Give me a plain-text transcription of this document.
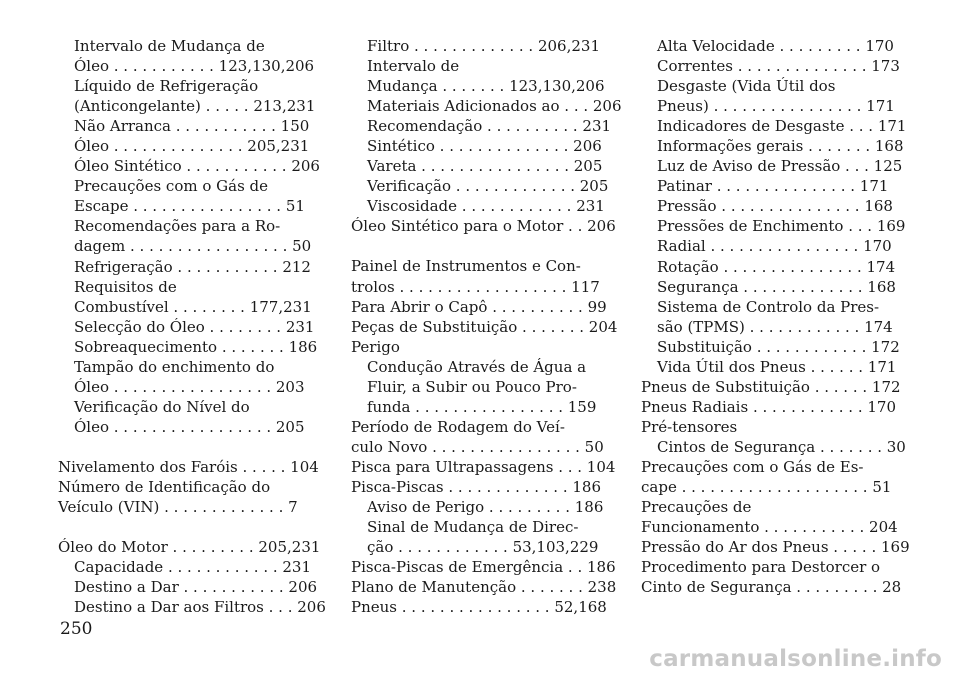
Intervalo de Mudança de
Óleo . . . . . . . . . . . 123,130,206
Líquido de Refrigeração
(Anticongelante) . . . . . 213,231
Não Arranca . . . . . . . . . . . 150
Óleo . . . . . . . . . . . . . . 205,231
Óleo Sintético . . . . . . . . . . . 206
Precauções com o Gás de
Escape . . . . . . . . . . . . . . . . 51
Recomendações para a Ro-
dagem . . . . . . . . . . . . . . . . . 50
Refrigeração . . . . . . . . . . . 212
Requisitos de
Combustível . . . . . . . . 177,231
Selecção do Óleo . . . . . . . . 231
Sobreaquecimento . . . . . . . 186
Tampão do enchimento do
Óleo . . . . . . . . . . . . . . . . . 203
Verificação do Nível do
Óleo . . . . . . . . . . . . . . . . . 205
Nivelamento dos Faróis . . . . . 104
Número de Identificação do
Veículo (VIN) . . . . . . . . . . . . . 7
Óleo do Motor . . . . . . . . . 205,231
Capacidade . . . . . . . . . . . . 231
Destino a Dar . . . . . . . . . . . 206
Destino a Dar aos Filtros . . . 206
Filtro . . . . . . . . . . . . . 206,231
Intervalo de
Mudança . . . . . . . 123,130,206
Materiais Adicionados ao . . . 206
Recomendação . . . . . . . . . . 231
Sintético . . . . . . . . . . . . . . 206
Vareta . . . . . . . . . . . . . . . . 205
Verificação . . . . . . . . . . . . . 205
Viscosidade . . . . . . . . . . . . 231
Óleo Sintético para o Motor . . 206
Painel de Instrumentos e Con-
trolos . . . . . . . . . . . . . . . . . . 117
Para Abrir o Capô . . . . . . . . . . 99
Peças de Substituição . . . . . . . 204
Perigo
Condução Através de Água a
Fluir, a Subir ou Pouco Pro-
funda . . . . . . . . . . . . . . . . 159
Período de Rodagem do Veí-
culo Novo . . . . . . . . . . . . . . . . 50
Pisca para Ultrapassagens . . . 104
Pisca-Piscas . . . . . . . . . . . . . 186
Aviso de Perigo . . . . . . . . . 186
Sinal de Mudança de Direc-
ção . . . . . . . . . . . . 53,103,229
Pisca-Piscas de Emergência . . 186
Plano de Manutenção . . . . . . . 238
Pneus . . . . . . . . . . . . . . . . 52,168
Alta Velocidade . . . . . . . . . 170
Correntes . . . . . . . . . . . . . . 173
Desgaste (Vida Útil dos
Pneus) . . . . . . . . . . . . . . . . 171
Indicadores de Desgaste . . . 171
Informações gerais . . . . . . . 168
Luz de Aviso de Pressão . . . 125
Patinar . . . . . . . . . . . . . . . 171
Pressão . . . . . . . . . . . . . . . 168
Pressões de Enchimento . . . 169
Radial . . . . . . . . . . . . . . . . 170
Rotação . . . . . . . . . . . . . . . 174
Segurança . . . . . . . . . . . . . 168
Sistema de Controlo da Pres-
são (TPMS) . . . . . . . . . . . . 174
Substituição . . . . . . . . . . . . 172
Vida Útil dos Pneus . . . . . . 171
Pneus de Substituição . . . . . . 172
Pneus Radiais . . . . . . . . . . . . 170
Pré-tensores
Cintos de Segurança . . . . . . . 30
Precauções com o Gás de Es-
cape . . . . . . . . . . . . . . . . . . . . 51
Precauções de
Funcionamento . . . . . . . . . . . 204
Pressão do Ar dos Pneus . . . . . 169
Procedimento para Destorcer o
Cinto de Segurança . . . . . . . . . 28
250
carmanualsonline.info
